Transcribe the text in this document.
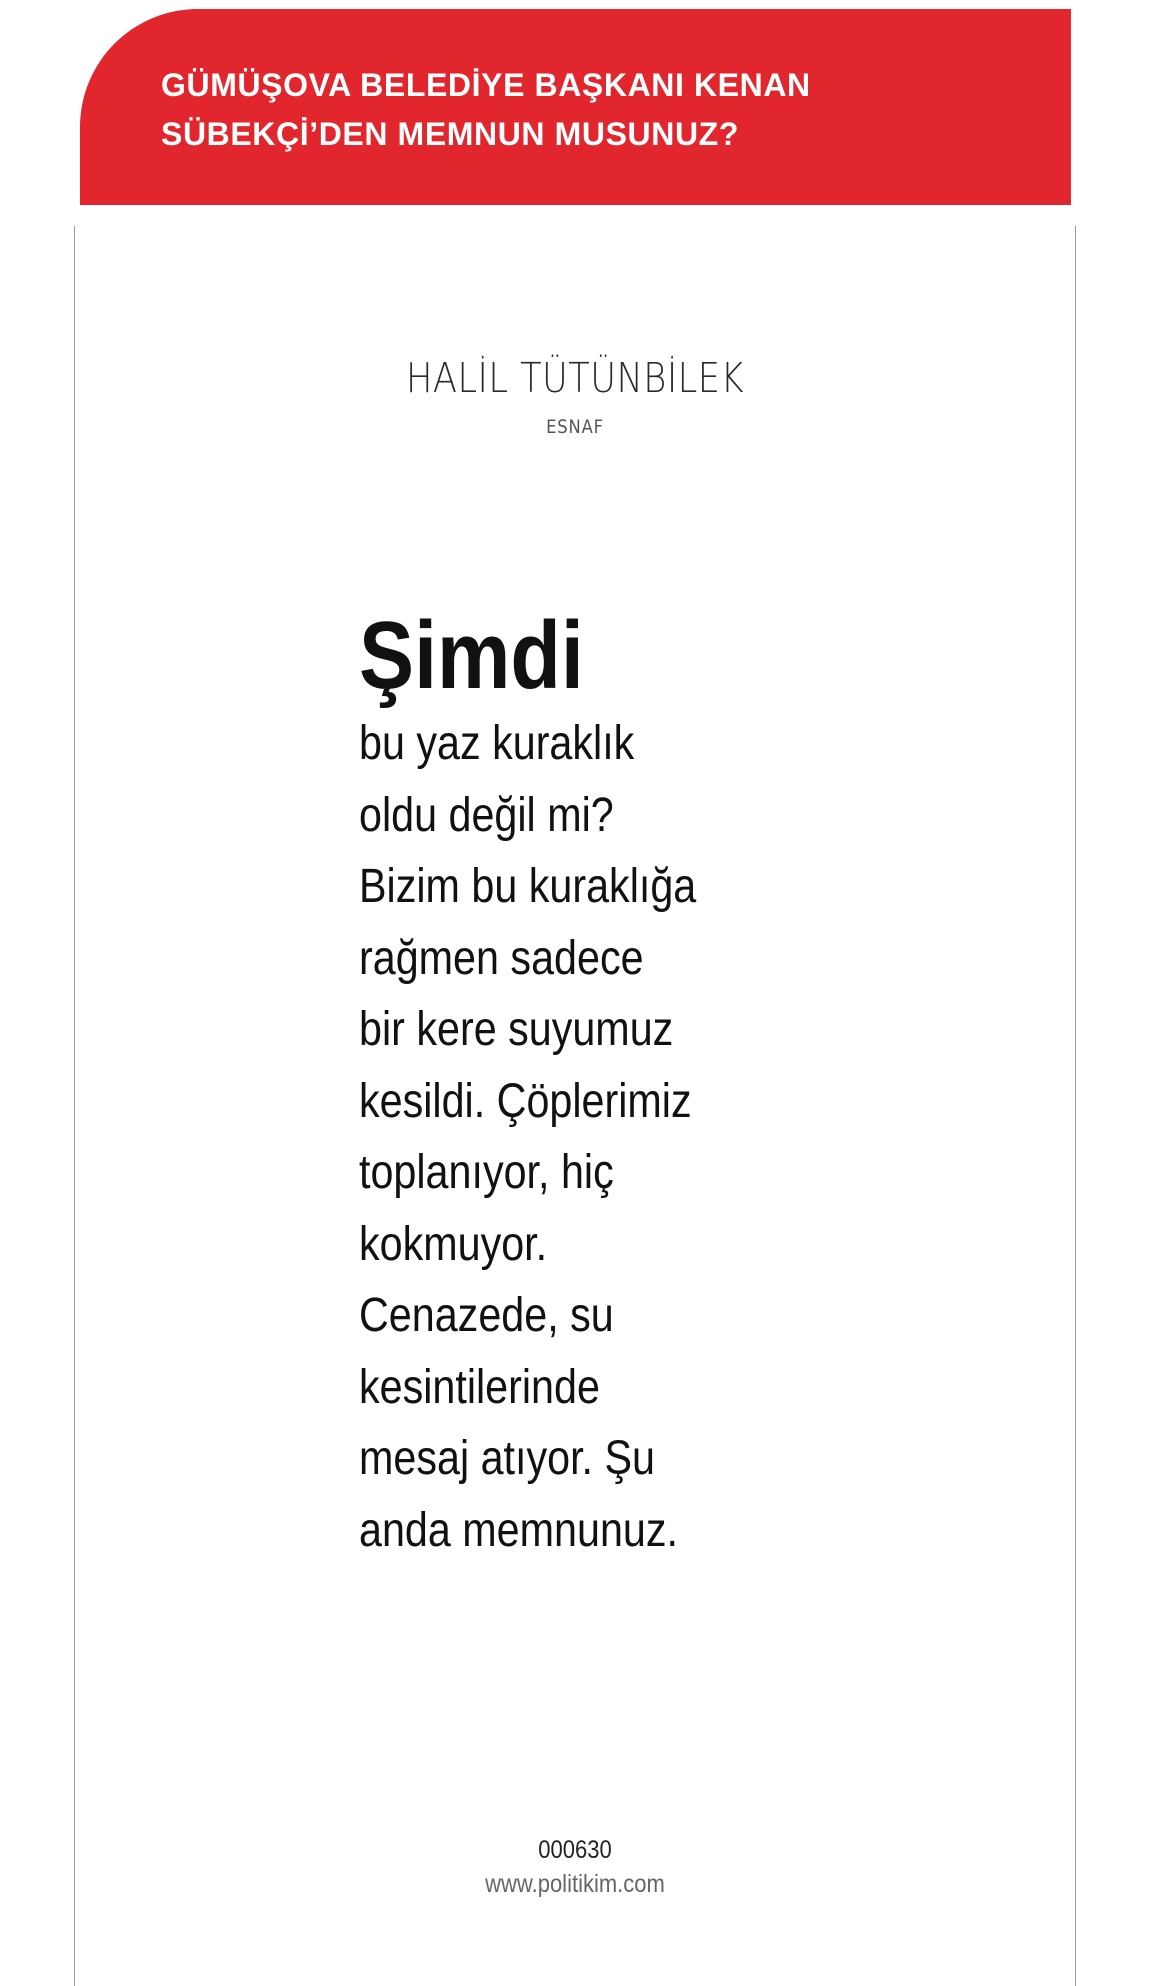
GÜMÜŞOVA BELEDİYE BAŞKANI KENAN
SÜBEKÇİ’DEN MEMNUN MUSUNUZ?
HALİL TÜTÜNBİLEK
ESNAF
Şimdi
bu yaz kuraklık
oldu değil mi?
Bizim bu kuraklığa
rağmen sadece
bir kere suyumuz
kesildi. Çöplerimiz
toplanıyor, hiç
kokmuyor.
Cenazede, su
kesintilerinde
mesaj atıyor. Şu
anda memnunuz.
000630
www.politikim.com
